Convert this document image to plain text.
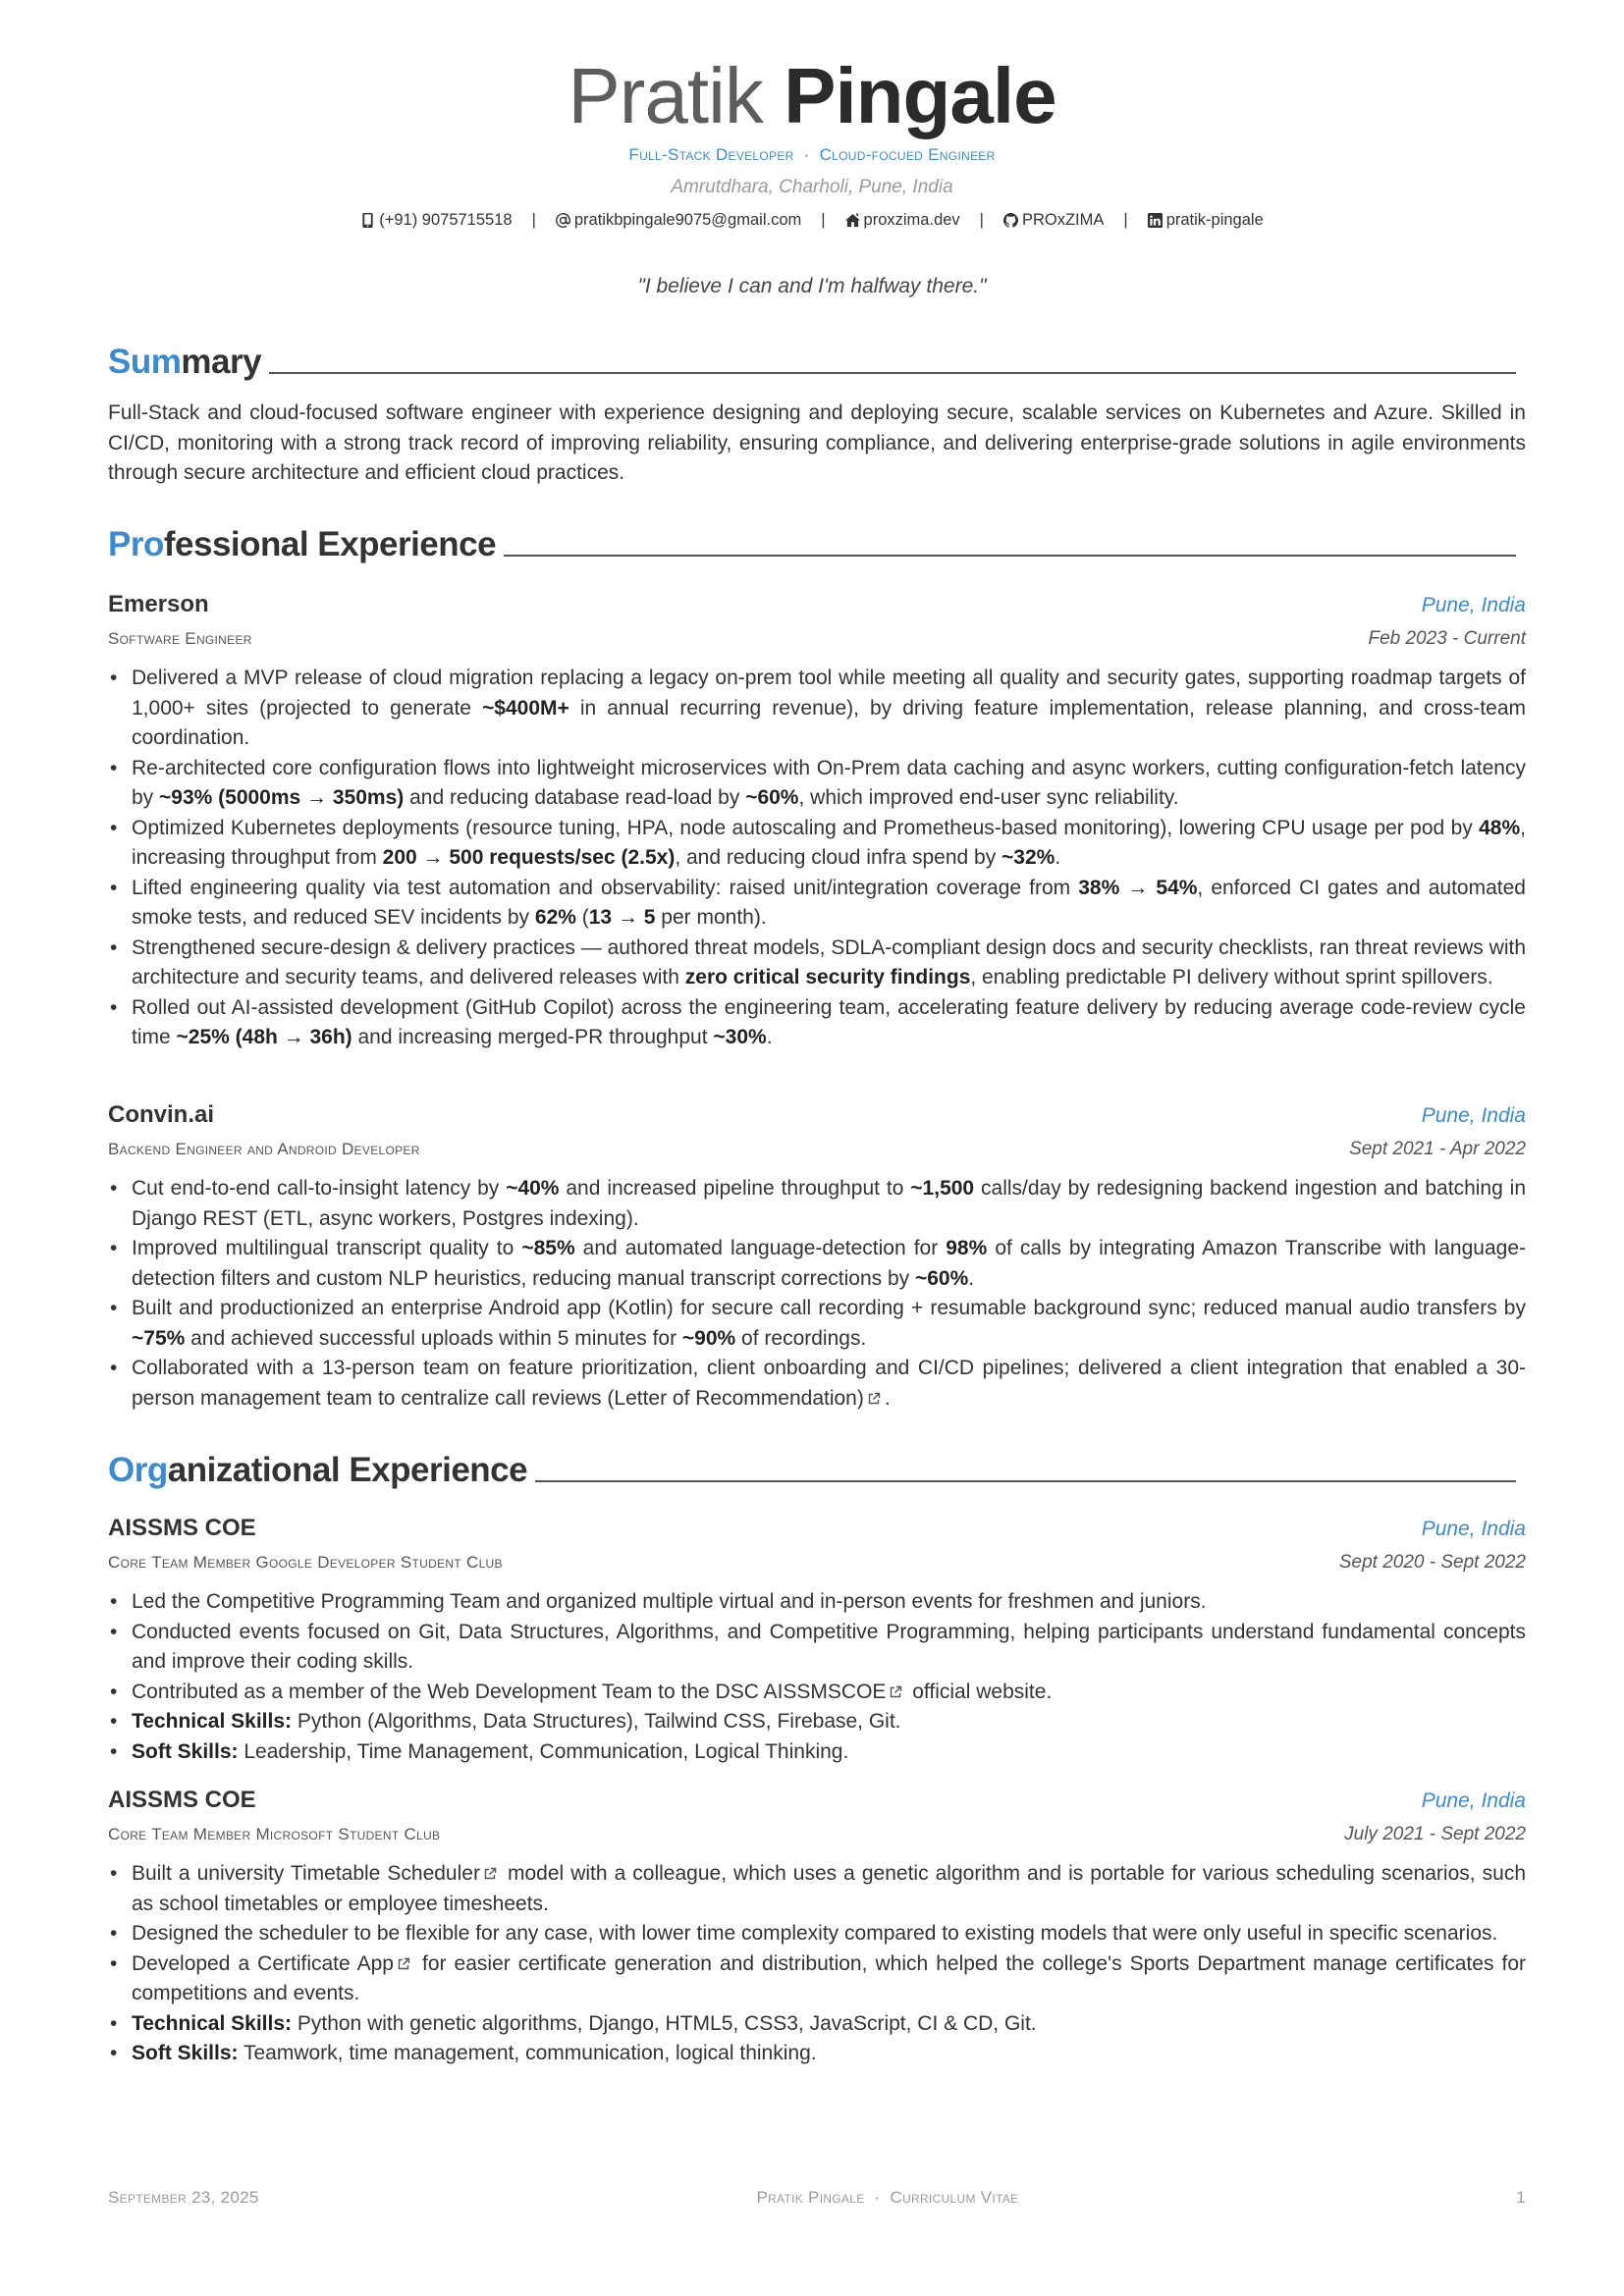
Pratik Pingale
Full-Stack Developer · Cloud-focued Engineer
Amrutdhara, Charholi, Pune, India
(+91) 9075715518 | pratikbpingale9075@gmail.com | proxzima.dev | PROxZIMA | pratik-pingale
"I believe I can and I'm halfway there."
Summary
Full-Stack and cloud-focused software engineer with experience designing and deploying secure, scalable services on Kubernetes and Azure. Skilled in CI/CD, monitoring with a strong track record of improving reliability, ensuring compliance, and delivering enterprise-grade solutions in agile environments through secure architecture and efficient cloud practices.
Professional Experience
Emerson	Pune, India
Software Engineer	Feb 2023 - Current
• Delivered a MVP release of cloud migration replacing a legacy on-prem tool while meeting all quality and security gates, supporting roadmap targets of 1,000+ sites (projected to generate ~$400M+ in annual recurring revenue), by driving feature implementation, release planning, and cross-team coordination.
• Re-architected core configuration flows into lightweight microservices with On-Prem data caching and async workers, cutting configuration-fetch latency by ~93% (5000ms → 350ms) and reducing database read-load by ~60%, which improved end-user sync reliability.
• Optimized Kubernetes deployments (resource tuning, HPA, node autoscaling and Prometheus-based monitoring), lowering CPU usage per pod by 48%, increasing throughput from 200 → 500 requests/sec (2.5x), and reducing cloud infra spend by ~32%.
• Lifted engineering quality via test automation and observability: raised unit/integration coverage from 38% → 54%, enforced CI gates and automated smoke tests, and reduced SEV incidents by 62% (13 → 5 per month).
• Strengthened secure-design & delivery practices — authored threat models, SDLA-compliant design docs and security checklists, ran threat reviews with architecture and security teams, and delivered releases with zero critical security findings, enabling predictable PI delivery without sprint spillovers.
• Rolled out AI-assisted development (GitHub Copilot) across the engineering team, accelerating feature delivery by reducing average code-review cycle time ~25% (48h → 36h) and increasing merged-PR throughput ~30%.
Convin.ai	Pune, India
Backend Engineer and Android Developer	Sept 2021 - Apr 2022
• Cut end-to-end call-to-insight latency by ~40% and increased pipeline throughput to ~1,500 calls/day by redesigning backend ingestion and batching in Django REST (ETL, async workers, Postgres indexing).
• Improved multilingual transcript quality to ~85% and automated language-detection for 98% of calls by integrating Amazon Transcribe with language-detection filters and custom NLP heuristics, reducing manual transcript corrections by ~60%.
• Built and productionized an enterprise Android app (Kotlin) for secure call recording + resumable background sync; reduced manual audio transfers by ~75% and achieved successful uploads within 5 minutes for ~90% of recordings.
• Collaborated with a 13-person team on feature prioritization, client onboarding and CI/CD pipelines; delivered a client integration that enabled a 30-person management team to centralize call reviews (Letter of Recommendation) .
Organizational Experience
AISSMS COE	Pune, India
Core Team Member Google Developer Student Club	Sept 2020 - Sept 2022
• Led the Competitive Programming Team and organized multiple virtual and in-person events for freshmen and juniors.
• Conducted events focused on Git, Data Structures, Algorithms, and Competitive Programming, helping participants understand fundamental concepts and improve their coding skills.
• Contributed as a member of the Web Development Team to the DSC AISSMSCOE official website.
• Technical Skills: Python (Algorithms, Data Structures), Tailwind CSS, Firebase, Git.
• Soft Skills: Leadership, Time Management, Communication, Logical Thinking.
AISSMS COE	Pune, India
Core Team Member Microsoft Student Club	July 2021 - Sept 2022
• Built a university Timetable Scheduler model with a colleague, which uses a genetic algorithm and is portable for various scheduling scenarios, such as school timetables or employee timesheets.
• Designed the scheduler to be flexible for any case, with lower time complexity compared to existing models that were only useful in specific scenarios.
• Developed a Certificate App for easier certificate generation and distribution, which helped the college's Sports Department manage certificates for competitions and events.
• Technical Skills: Python with genetic algorithms, Django, HTML5, CSS3, JavaScript, CI & CD, Git.
• Soft Skills: Teamwork, time management, communication, logical thinking.
September 23, 2025	Pratik Pingale · Curriculum Vitae	1
